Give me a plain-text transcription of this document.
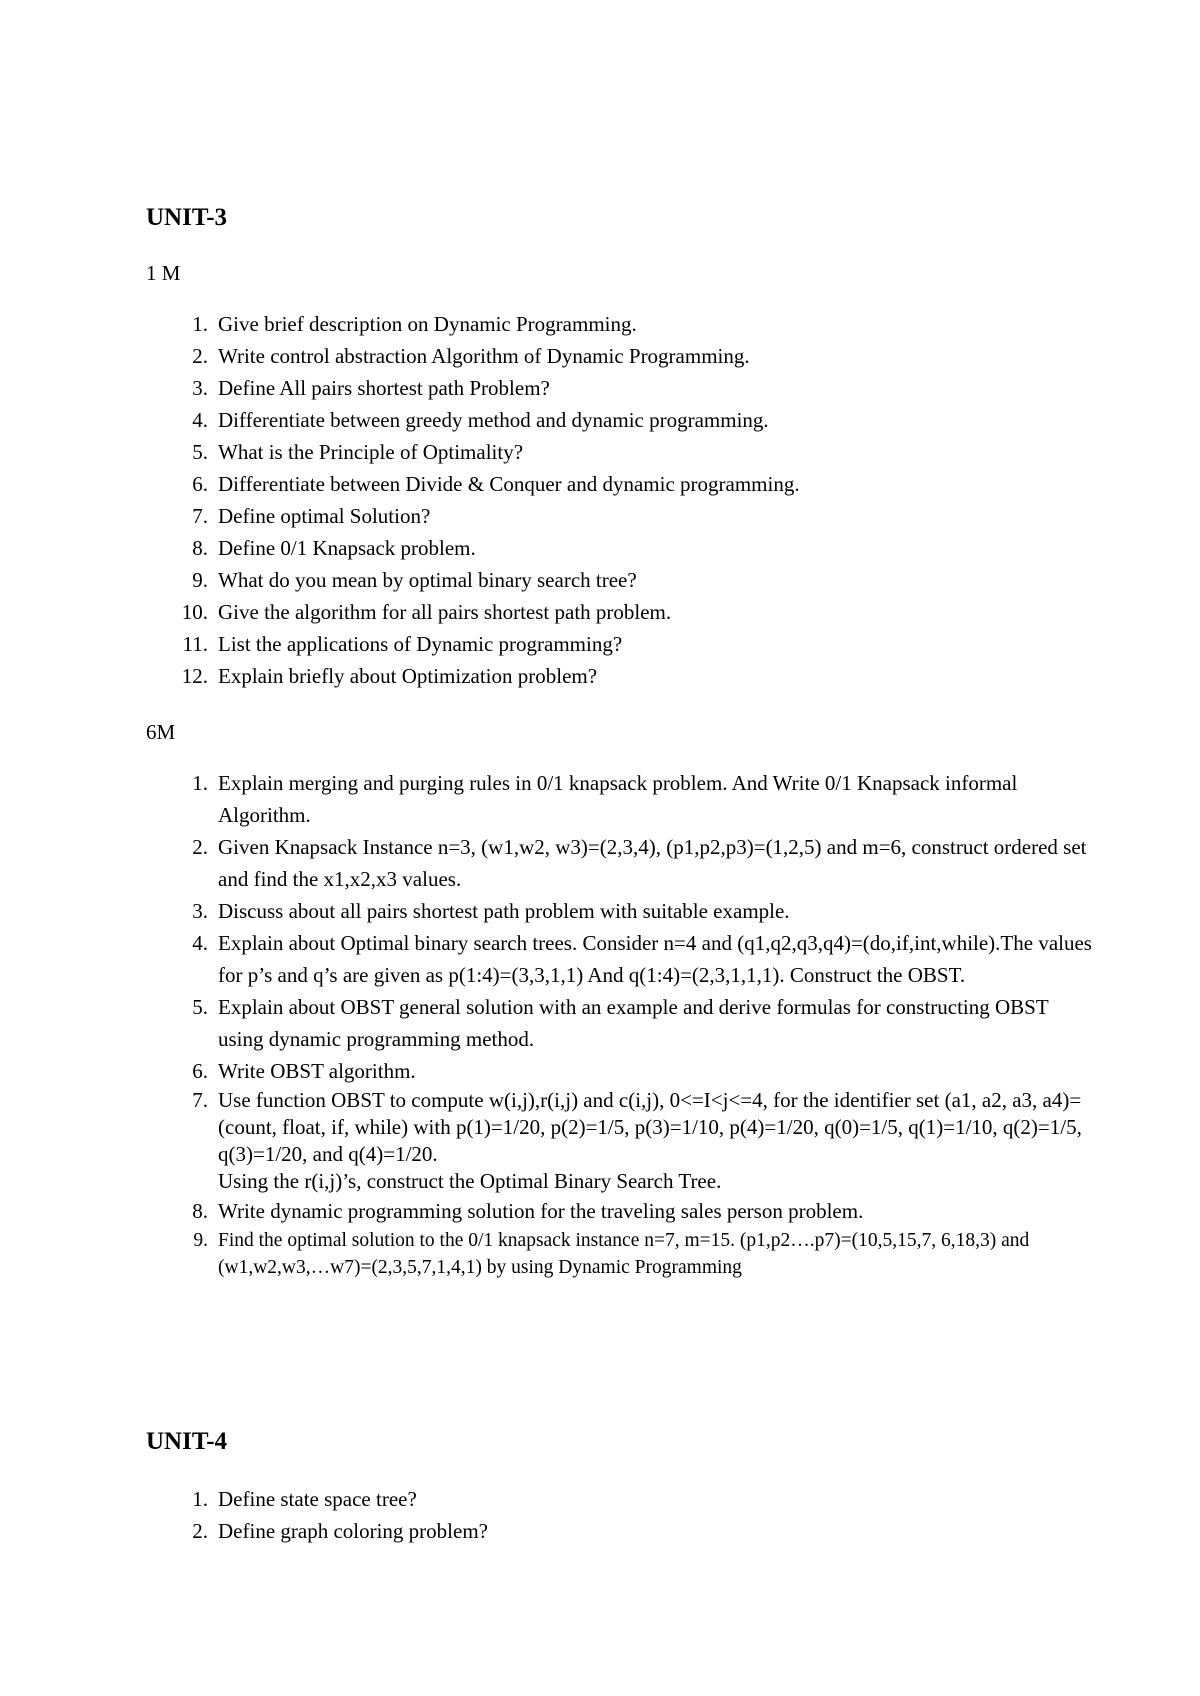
UNIT-3

1 M

1. Give brief description on Dynamic Programming.
2. Write control abstraction Algorithm of Dynamic Programming.
3. Define All pairs shortest path Problem?
4. Differentiate between greedy method and dynamic programming.
5. What is the Principle of Optimality?
6. Differentiate between Divide & Conquer and dynamic programming.
7. Define optimal Solution?
8. Define 0/1 Knapsack problem.
9. What do you mean by optimal binary search tree?
10. Give the algorithm for all pairs shortest path problem.
11. List the applications of Dynamic programming?
12. Explain briefly about Optimization problem?

6M

1. Explain merging and purging rules in 0/1 knapsack problem. And Write 0/1 Knapsack informal Algorithm.
2. Given Knapsack Instance n=3, (w1,w2, w3)=(2,3,4), (p1,p2,p3)=(1,2,5) and m=6, construct ordered set and find the x1,x2,x3 values.
3. Discuss about all pairs shortest path problem with suitable example.
4. Explain about Optimal binary search trees. Consider n=4 and (q1,q2,q3,q4)=(do,if,int,while).The values for p’s and q’s are given as p(1:4)=(3,3,1,1) And q(1:4)=(2,3,1,1,1). Construct the OBST.
5. Explain about OBST general solution with an example and derive formulas for constructing OBST using dynamic programming method.
6. Write OBST algorithm.
7. Use function OBST to compute w(i,j),r(i,j) and c(i,j), 0<=I<j<=4, for the identifier set (a1, a2, a3, a4)=(count, float, if, while) with p(1)=1/20, p(2)=1/5, p(3)=1/10, p(4)=1/20, q(0)=1/5, q(1)=1/10, q(2)=1/5, q(3)=1/20, and q(4)=1/20.
Using the r(i,j)’s, construct the Optimal Binary Search Tree.
8. Write dynamic programming solution for the traveling sales person problem.
9. Find the optimal solution to the 0/1 knapsack instance n=7, m=15. (p1,p2….p7)=(10,5,15,7, 6,18,3) and (w1,w2,w3,…w7)=(2,3,5,7,1,4,1) by using Dynamic Programming
UNIT-4
1. Define state space tree?
2. Define graph coloring problem?
